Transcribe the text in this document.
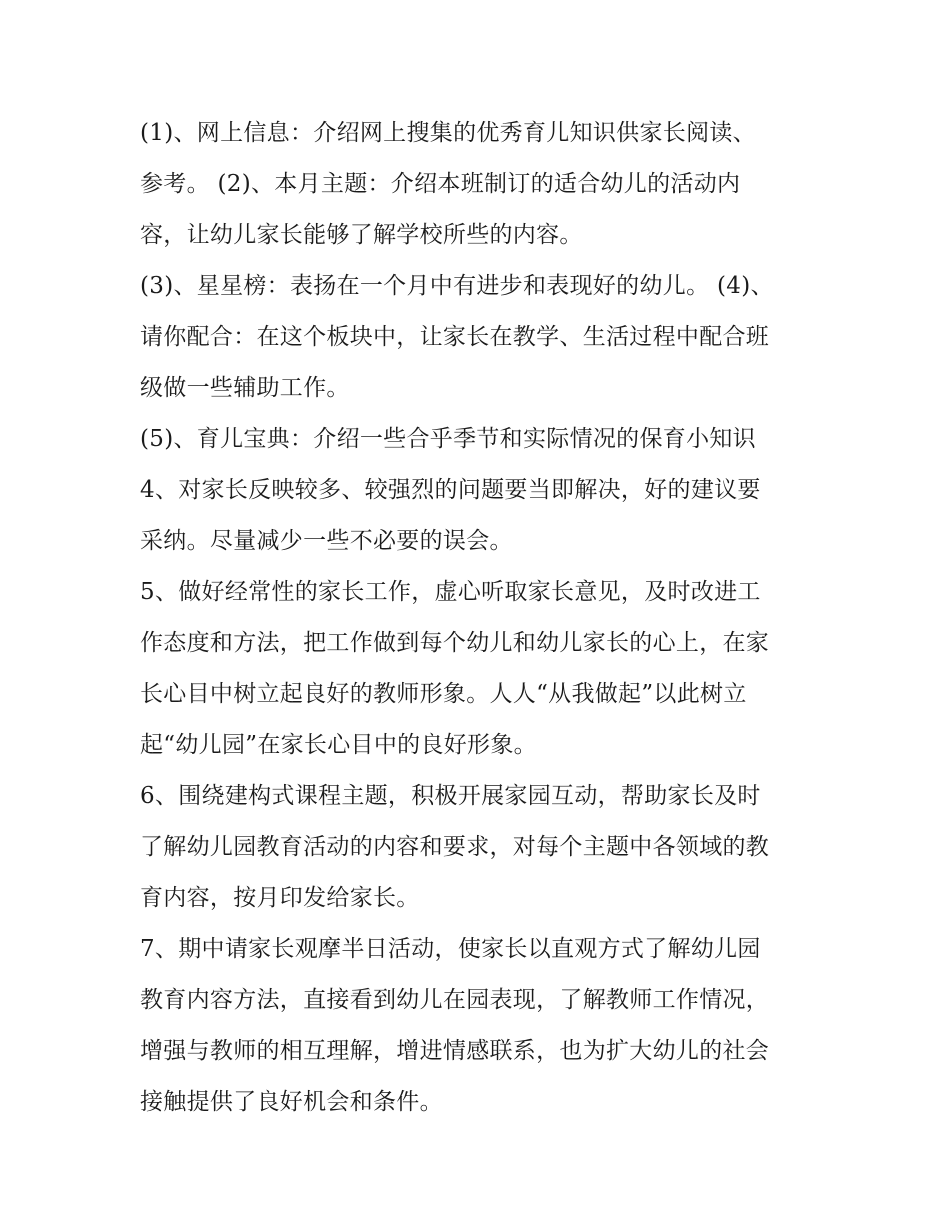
(1)、网上信息：介绍网上搜集的优秀育儿知识供家长阅读、
参考。 (2)、本月主题：介绍本班制订的适合幼儿的活动内
容，让幼儿家长能够了解学校所些的内容。
(3)、星星榜：表扬在一个月中有进步和表现好的幼儿。 (4)、
请你配合：在这个板块中，让家长在教学、生活过程中配合班
级做一些辅助工作。
(5)、育儿宝典：介绍一些合乎季节和实际情况的保育小知识
4、对家长反映较多、较强烈的问题要当即解决，好的建议要
采纳。尽量减少一些不必要的误会。
5、做好经常性的家长工作，虚心听取家长意见，及时改进工
作态度和方法，把工作做到每个幼儿和幼儿家长的心上，在家
长心目中树立起良好的教师形象。人人“从我做起”以此树立
起“幼儿园”在家长心目中的良好形象。
6、围绕建构式课程主题，积极开展家园互动，帮助家长及时
了解幼儿园教育活动的内容和要求，对每个主题中各领域的教
育内容，按月印发给家长。
7、期中请家长观摩半日活动，使家长以直观方式了解幼儿园
教育内容方法，直接看到幼儿在园表现，了解教师工作情况，
增强与教师的相互理解，增进情感联系，也为扩大幼儿的社会
接触提供了良好机会和条件。
